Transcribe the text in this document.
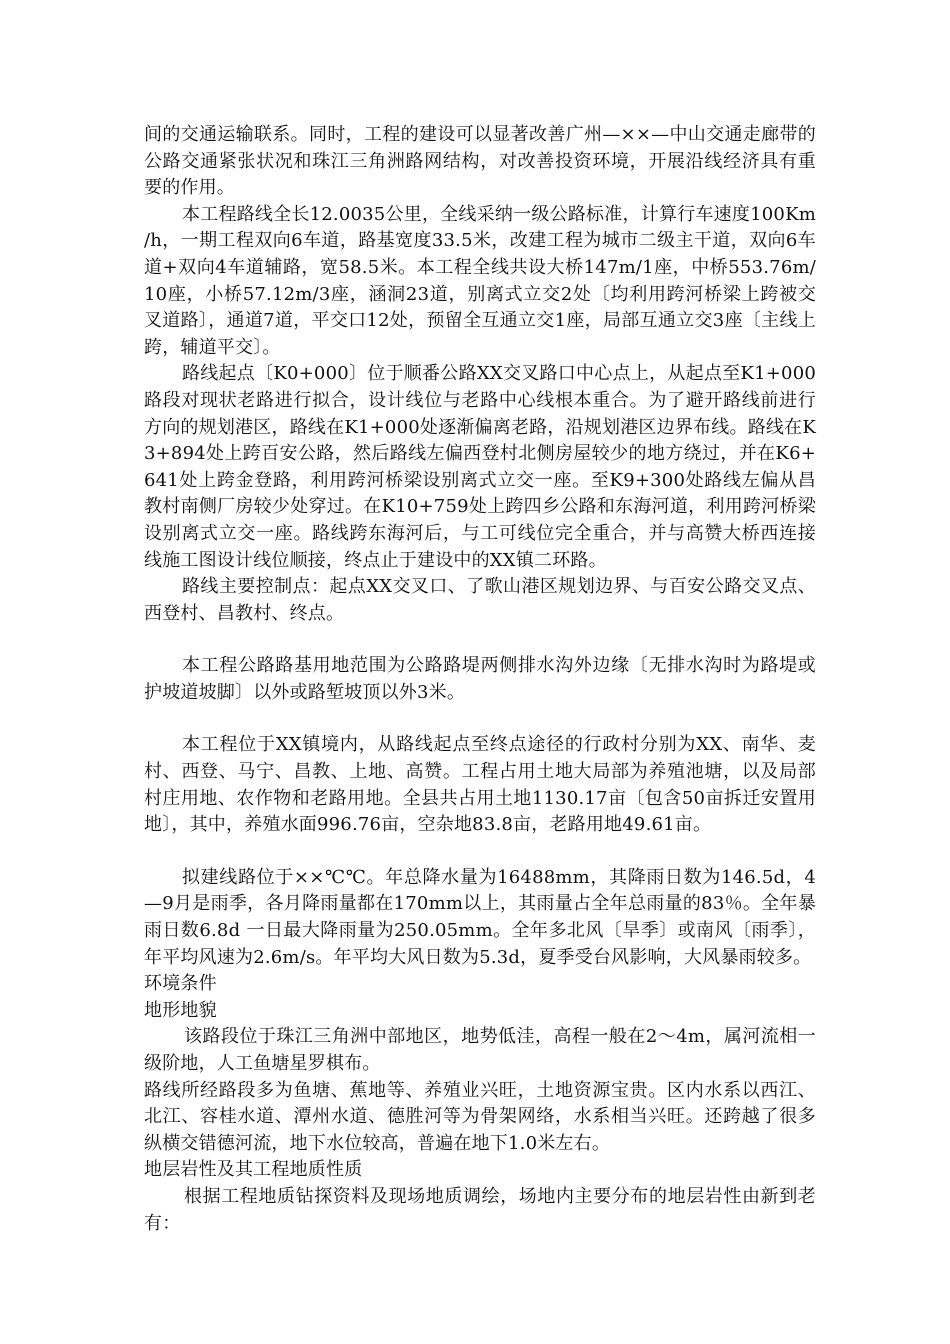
间的交通运输联系。同时，工程的建设可以显著改善广州—××—中山交通走廊带的公路交通紧张状况和珠江三角洲路网结构，对改善投资环境，开展沿线经济具有重要的作用。

本工程路线全长12.0035公里，全线采纳一级公路标准，计算行车速度100Km/h，一期工程双向6车道，路基宽度33.5米，改建工程为城市二级主干道，双向6车道+双向4车道辅路，宽58.5米。本工程全线共设大桥147m/1座，中桥553.76m/10座，小桥57.12m/3座，涵洞23道，别离式立交2处〔均利用跨河桥梁上跨被交叉道路〕，通道7道，平交口12处，预留全互通立交1座，局部互通立交3座〔主线上跨，辅道平交〕。

路线起点〔K0+000〕位于顺番公路XX交叉路口中心点上，从起点至K1+000路段对现状老路进行拟合，设计线位与老路中心线根本重合。为了避开路线前进行方向的规划港区，路线在K1+000处逐渐偏离老路，沿规划港区边界布线。路线在K3+894处上跨百安公路，然后路线左偏西登村北侧房屋较少的地方绕过，并在K6+641处上跨金登路，利用跨河桥梁设别离式立交一座。至K9+300处路线左偏从昌教村南侧厂房较少处穿过。在K10+759处上跨四乡公路和东海河道，利用跨河桥梁设别离式立交一座。路线跨东海河后，与工可线位完全重合，并与高赞大桥西连接线施工图设计线位顺接，终点止于建设中的XX镇二环路。

路线主要控制点：起点XX交叉口、了歌山港区规划边界、与百安公路交叉点、西登村、昌教村、终点。

本工程公路路基用地范围为公路路堤两侧排水沟外边缘〔无排水沟时为路堤或护坡道坡脚〕以外或路堑坡顶以外3米。

本工程位于XX镇境内，从路线起点至终点途径的行政村分别为XX、南华、麦村、西登、马宁、昌教、上地、高赞。工程占用土地大局部为养殖池塘，以及局部村庄用地、农作物和老路用地。全县共占用土地1130.17亩〔包含50亩拆迁安置用地〕，其中，养殖水面996.76亩，空杂地83.8亩，老路用地49.61亩。

拟建线路位于××℃℃。年总降水量为16488mm，其降雨日数为146.5d，4—9月是雨季，各月降雨量都在170mm以上，其雨量占全年总雨量的83％。全年暴雨日数6.8d 一日最大降雨量为250.05mm。全年多北风〔旱季〕或南风〔雨季〕，年平均风速为2.6m/s。年平均大风日数为5.3d，夏季受台风影响，大风暴雨较多。

环境条件

地形地貌

该路段位于珠江三角洲中部地区，地势低洼，高程一般在2～4m，属河流相一级阶地，人工鱼塘星罗棋布。

路线所经路段多为鱼塘、蕉地等、养殖业兴旺，土地资源宝贵。区内水系以西江、北江、容桂水道、潭州水道、德胜河等为骨架网络，水系相当兴旺。还跨越了很多纵横交错德河流，地下水位较高，普遍在地下1.0米左右。

地层岩性及其工程地质性质

根据工程地质钻探资料及现场地质调绘，场地内主要分布的地层岩性由新到老有：
